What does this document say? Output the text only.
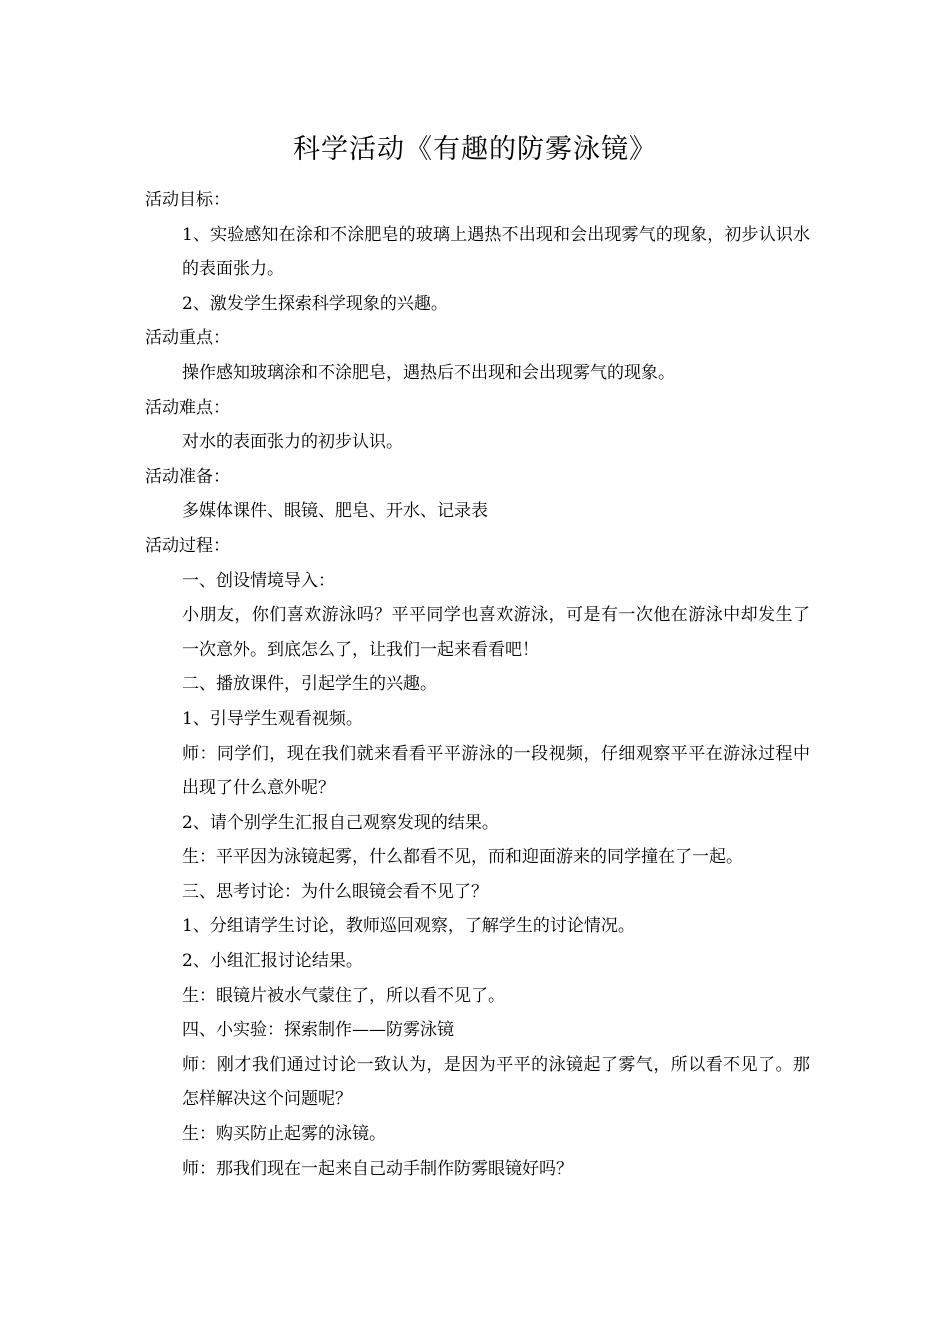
科学活动《有趣的防雾泳镜》

活动目标：

1、实验感知在涂和不涂肥皂的玻璃上遇热不出现和会出现雾气的现象，初步认识水的表面张力。

2、激发学生探索科学现象的兴趣。

活动重点：

操作感知玻璃涂和不涂肥皂，遇热后不出现和会出现雾气的现象。

活动难点：

对水的表面张力的初步认识。

活动准备：

多媒体课件、眼镜、肥皂、开水、记录表

活动过程：

一、创设情境导入：

小朋友，你们喜欢游泳吗？平平同学也喜欢游泳，可是有一次他在游泳中却发生了一次意外。到底怎么了，让我们一起来看看吧！

二、播放课件，引起学生的兴趣。

1、引导学生观看视频。

师：同学们，现在我们就来看看平平游泳的一段视频，仔细观察平平在游泳过程中出现了什么意外呢？

2、请个别学生汇报自己观察发现的结果。

生：平平因为泳镜起雾，什么都看不见，而和迎面游来的同学撞在了一起。

三、思考讨论：为什么眼镜会看不见了？

1、分组请学生讨论，教师巡回观察，了解学生的讨论情况。

2、小组汇报讨论结果。

生：眼镜片被水气蒙住了，所以看不见了。

四、小实验：探索制作——防雾泳镜

师：刚才我们通过讨论一致认为，是因为平平的泳镜起了雾气，所以看不见了。那怎样解决这个问题呢？

生：购买防止起雾的泳镜。

师：那我们现在一起来自己动手制作防雾眼镜好吗？
